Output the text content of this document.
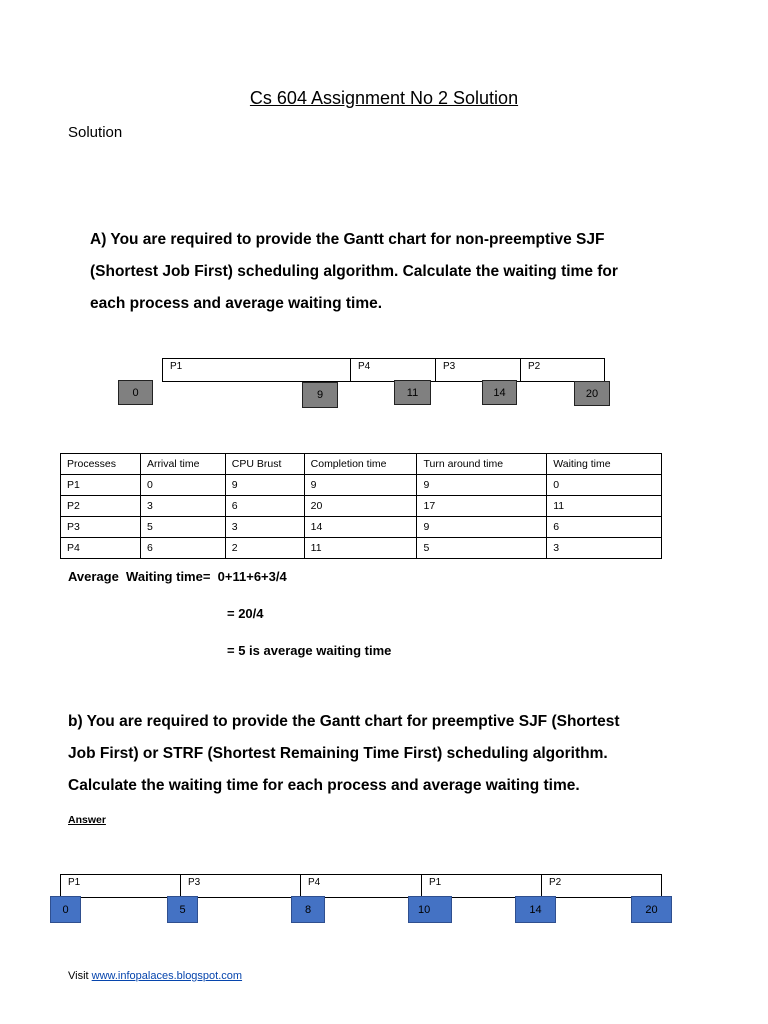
Cs 604 Assignment No 2 Solution
Solution
A) You are required to provide the Gantt chart for non-preemptive SJF
(Shortest Job First) scheduling algorithm. Calculate the waiting time for
each process and average waiting time.
P1	P4	P3	P2
0	9	11	14	20
Processes	Arrival time	CPU Brust	Completion time	Turn around time	Waiting time
P1	0	9	9	9	0
P2	3	6	20	17	11
P3	5	3	14	9	6
P4	6	2	11	5	3
Average  Waiting time=  0+11+6+3/4
= 20/4
= 5 is average waiting time
b) You are required to provide the Gantt chart for preemptive SJF (Shortest
Job First) or STRF (Shortest Remaining Time First) scheduling algorithm.
Calculate the waiting time for each process and average waiting time.
Answer
P1	P3	P4	P1	P2
0	5	8	10	14	20
Visit www.infopalaces.blogspot.com
